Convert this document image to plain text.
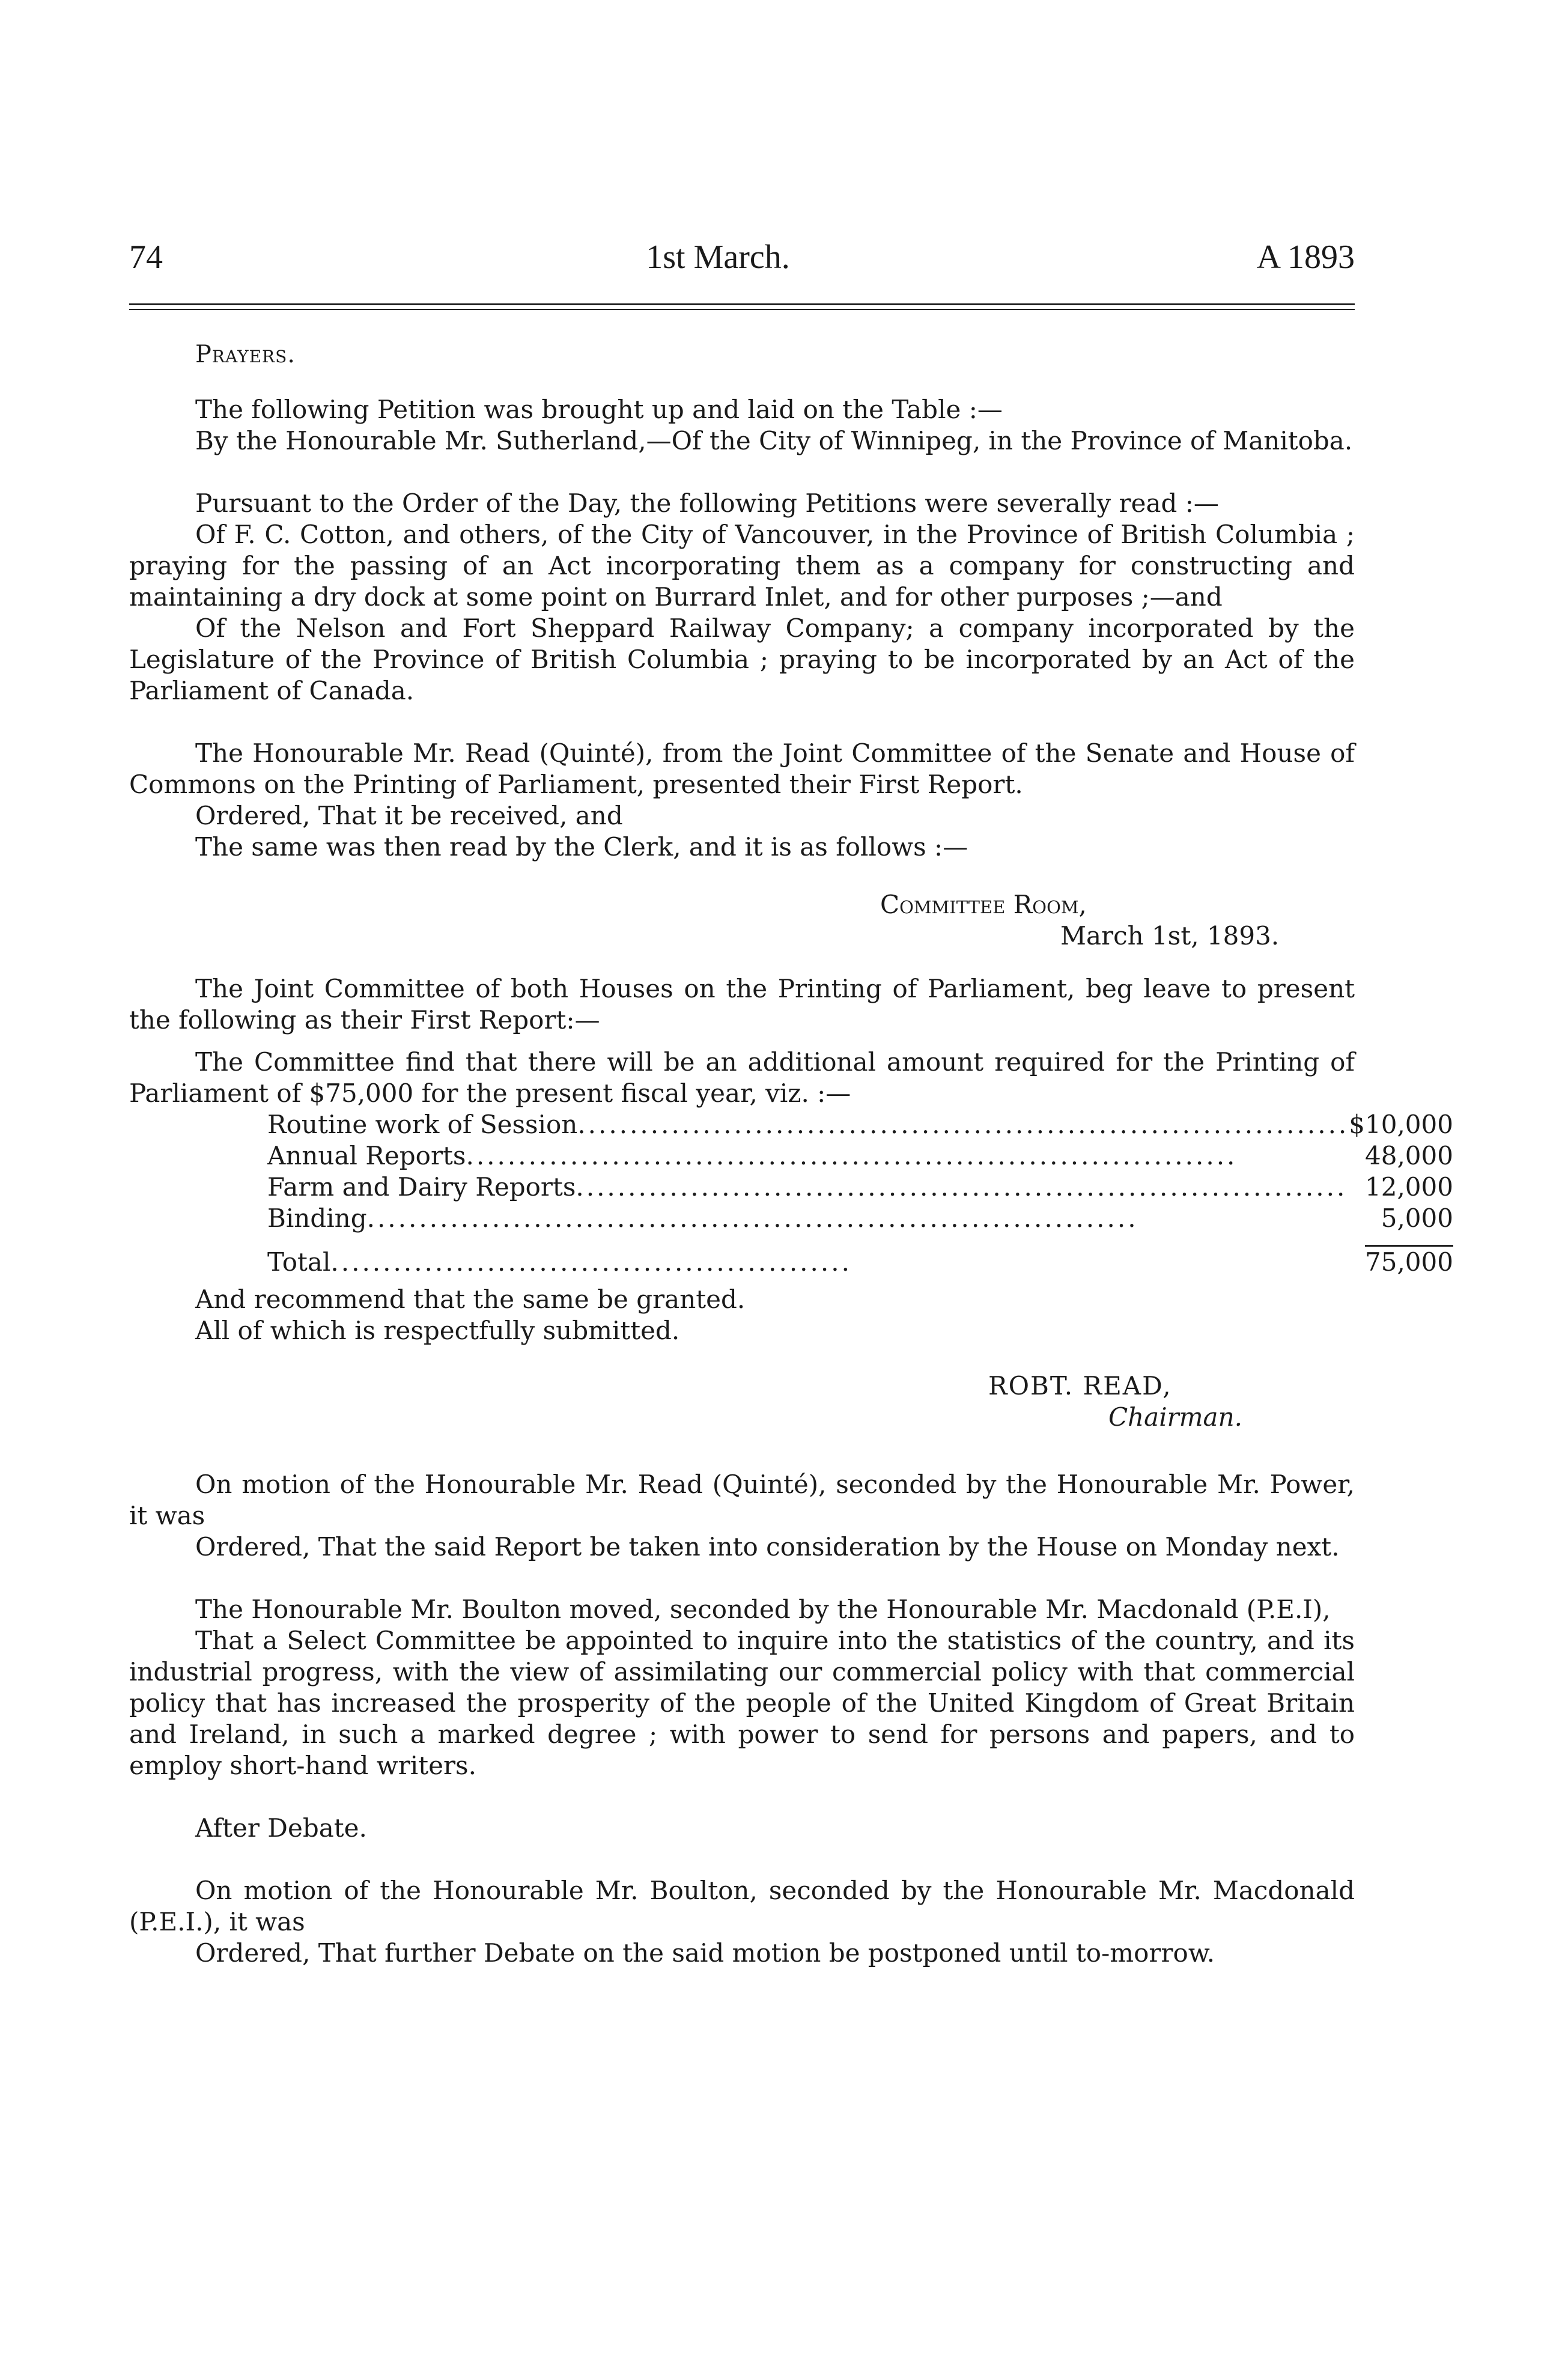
74	1st March.	A 1893
Prayers.

The following Petition was brought up and laid on the Table :—

By the Honourable Mr. Sutherland,—Of the City of Winnipeg, in the Province of Manitoba.

Pursuant to the Order of the Day, the following Petitions were severally read :—

Of F. C. Cotton, and others, of the City of Vancouver, in the Province of British Columbia ; praying for the passing of an Act incorporating them as a company for constructing and maintaining a dry dock at some point on Burrard Inlet, and for other purposes ;—and

Of the Nelson and Fort Sheppard Railway Company; a company incorporated by the Legislature of the Province of British Columbia ; praying to be incorporated by an Act of the Parliament of Canada.

The Honourable Mr. Read (Quinté), from the Joint Committee of the Senate and House of Commons on the Printing of Parliament, presented their First Report.

Ordered, That it be received, and

The same was then read by the Clerk, and it is as follows :—

Committee Room,
March 1st, 1893.

The Joint Committee of both Houses on the Printing of Parliament, beg leave to present the following as their First Report:—

The Committee find that there will be an additional amount required for the Printing of Parliament of $75,000 for the present fiscal year, viz. :—

Routine work of Session..........................................................................	$	10,000
Annual Reports..........................................................................		48,000
Farm and Dairy Reports..........................................................................		12,000
Binding..........................................................................		5,000
Total..................................................		75,000

And recommend that the same be granted.

All of which is respectfully submitted.

ROBT. READ,
Chairman.

On motion of the Honourable Mr. Read (Quinté), seconded by the Honourable Mr. Power, it was

Ordered, That the said Report be taken into consideration by the House on Monday next.

The Honourable Mr. Boulton moved, seconded by the Honourable Mr. Macdonald (P.E.I),

That a Select Committee be appointed to inquire into the statistics of the country, and its industrial progress, with the view of assimilating our commercial policy with that commercial policy that has increased the prosperity of the people of the United Kingdom of Great Britain and Ireland, in such a marked degree ; with power to send for persons and papers, and to employ short-hand writers.

After Debate.

On motion of the Honourable Mr. Boulton, seconded by the Honourable Mr. Macdonald (P.E.I.), it was

Ordered, That further Debate on the said motion be postponed until to-morrow.
